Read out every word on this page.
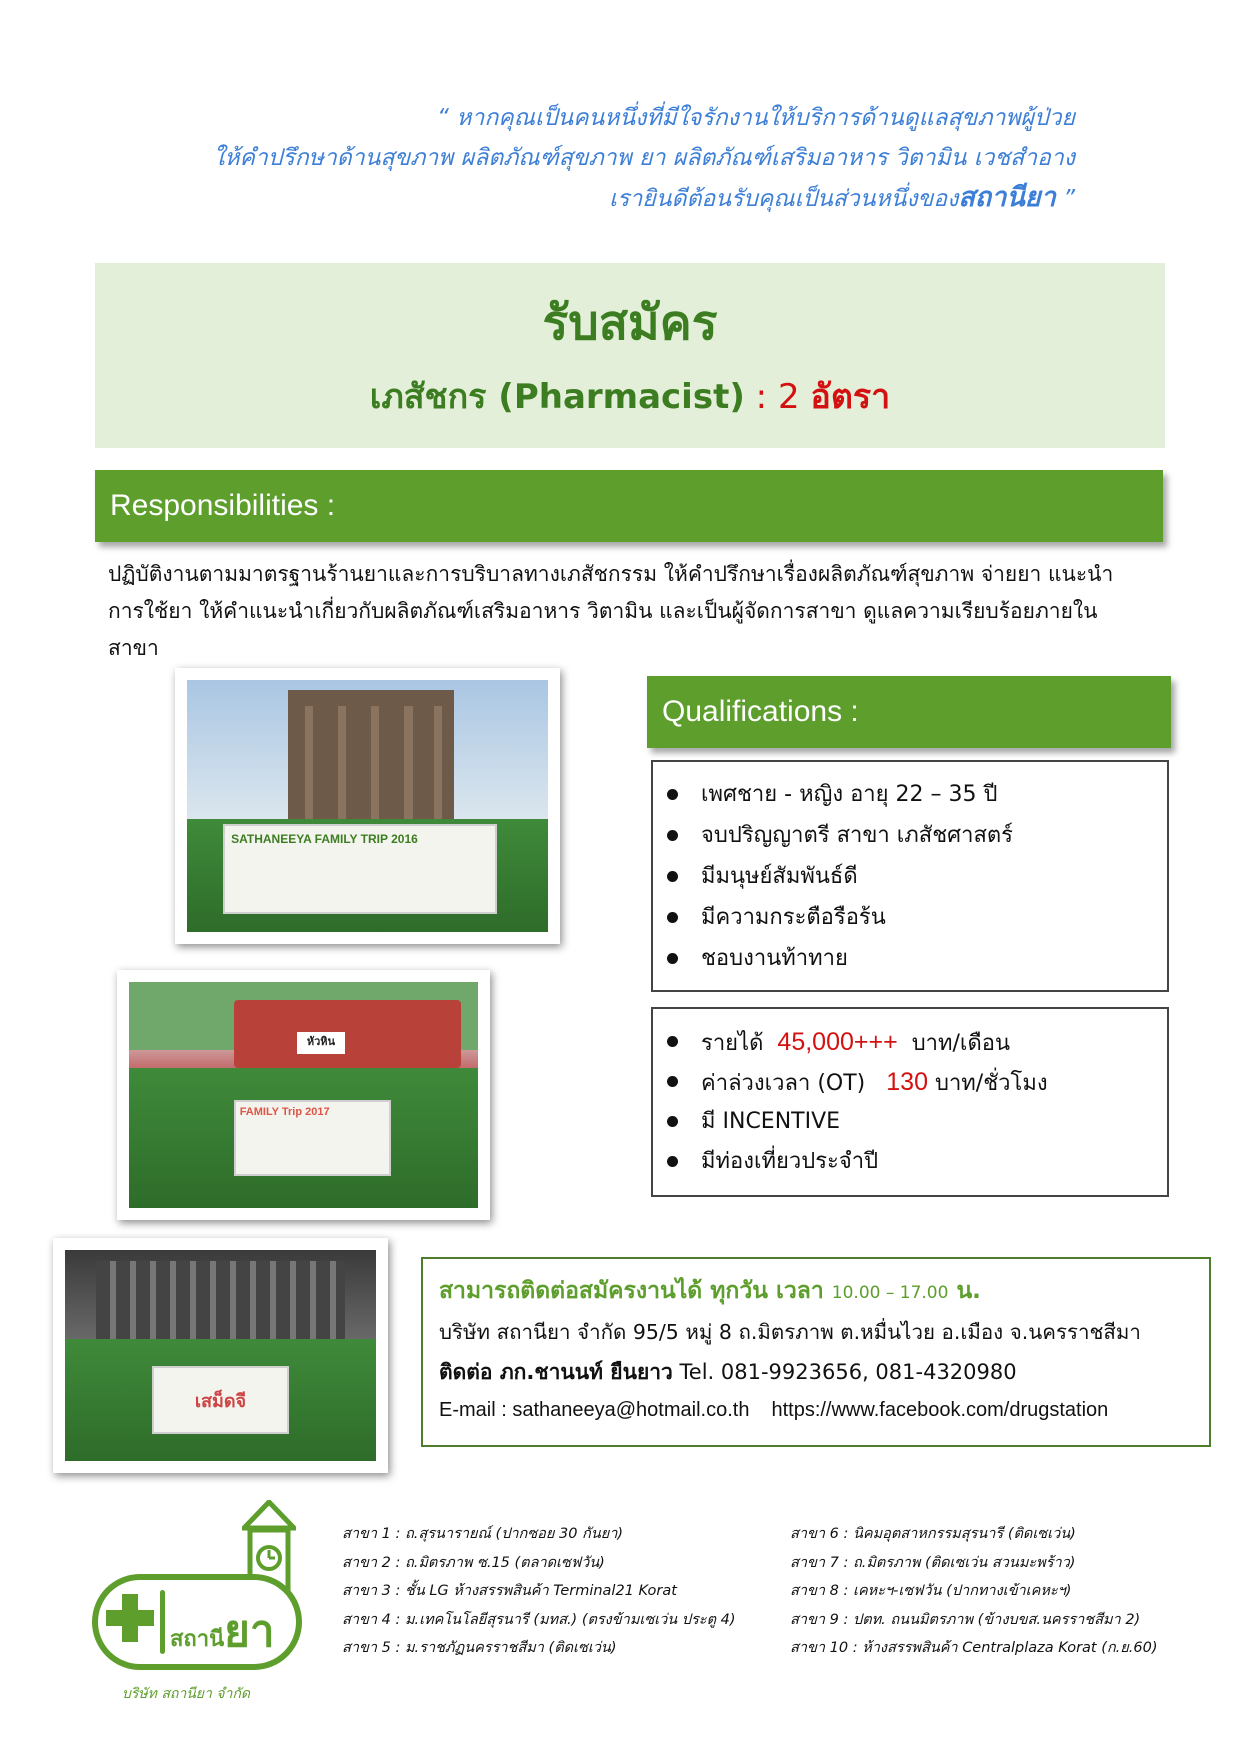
“ หากคุณเป็นคนหนึ่งที่มีใจรักงานให้บริการด้านดูแลสุขภาพผู้ป่วย
ให้คำปรึกษาด้านสุขภาพ ผลิตภัณฑ์สุขภาพ ยา ผลิตภัณฑ์เสริมอาหาร วิตามิน เวชสำอาง
เรายินดีต้อนรับคุณเป็นส่วนหนึ่งของสถานียา ”
รับสมัคร
เภสัชกร (Pharmacist) : 2 อัตรา
Responsibilities :
ปฏิบัติงานตามมาตรฐานร้านยาและการบริบาลทางเภสัชกรรม ให้คำปรึกษาเรื่องผลิตภัณฑ์สุขภาพ จ่ายยา แนะนำการใช้ยา ให้คำแนะนำเกี่ยวกับผลิตภัณฑ์เสริมอาหาร วิตามิน และเป็นผู้จัดการสาขา ดูแลความเรียบร้อยภายในสาขา
SATHANEEYA FAMILY TRIP 2016
หัวหิน
FAMILY Trip 2017
เสม็ดจี
Qualifications :
เพศชาย - หญิง อายุ 22 – 35 ปี
จบปริญญาตรี สาขา เภสัชศาสตร์
มีมนุษย์สัมพันธ์ดี
มีความกระตือรือร้น
ชอบงานท้าทาย
รายได้ 45,000+++ บาท/เดือน
ค่าล่วงเวลา (OT) 130 บาท/ชั่วโมง
มี INCENTIVE
มีท่องเที่ยวประจำปี
สามารถติดต่อสมัครงานได้ ทุกวัน เวลา 10.00 – 17.00 น.
บริษัท สถานียา จำกัด 95/5 หมู่ 8 ถ.มิตรภาพ ต.หมื่นไวย อ.เมือง จ.นครราชสีมา
ติดต่อ ภก.ชานนท์ ยืนยาว Tel. 081-9923656, 081-4320980
E-mail : sathaneeya@hotmail.co.th https://www.facebook.com/drugstation
สถานียา
บริษัท สถานียา จำกัด
สาขา 1 : ถ.สุรนารายณ์ (ปากซอย 30 กันยา)
สาขา 2 : ถ.มิตรภาพ ซ.15 (ตลาดเซฟวัน)
สาขา 3 : ชั้น LG ห้างสรรพสินค้า Terminal21 Korat
สาขา 4 : ม.เทคโนโลยีสุรนารี (มทส.) (ตรงข้ามเซเว่น ประตู 4)
สาขา 5 : ม.ราชภัฏนครราชสีมา (ติดเซเว่น)
สาขา 6 : นิคมอุตสาหกรรมสุรนารี (ติดเซเว่น)
สาขา 7 : ถ.มิตรภาพ (ติดเซเว่น สวนมะพร้าว)
สาขา 8 : เคหะฯ-เซฟวัน (ปากทางเข้าเคหะฯ)
สาขา 9 : ปตท. ถนนมิตรภาพ (ข้างบขส.นครราชสีมา 2)
สาขา 10 : ห้างสรรพสินค้า Centralplaza Korat (ก.ย.60)
